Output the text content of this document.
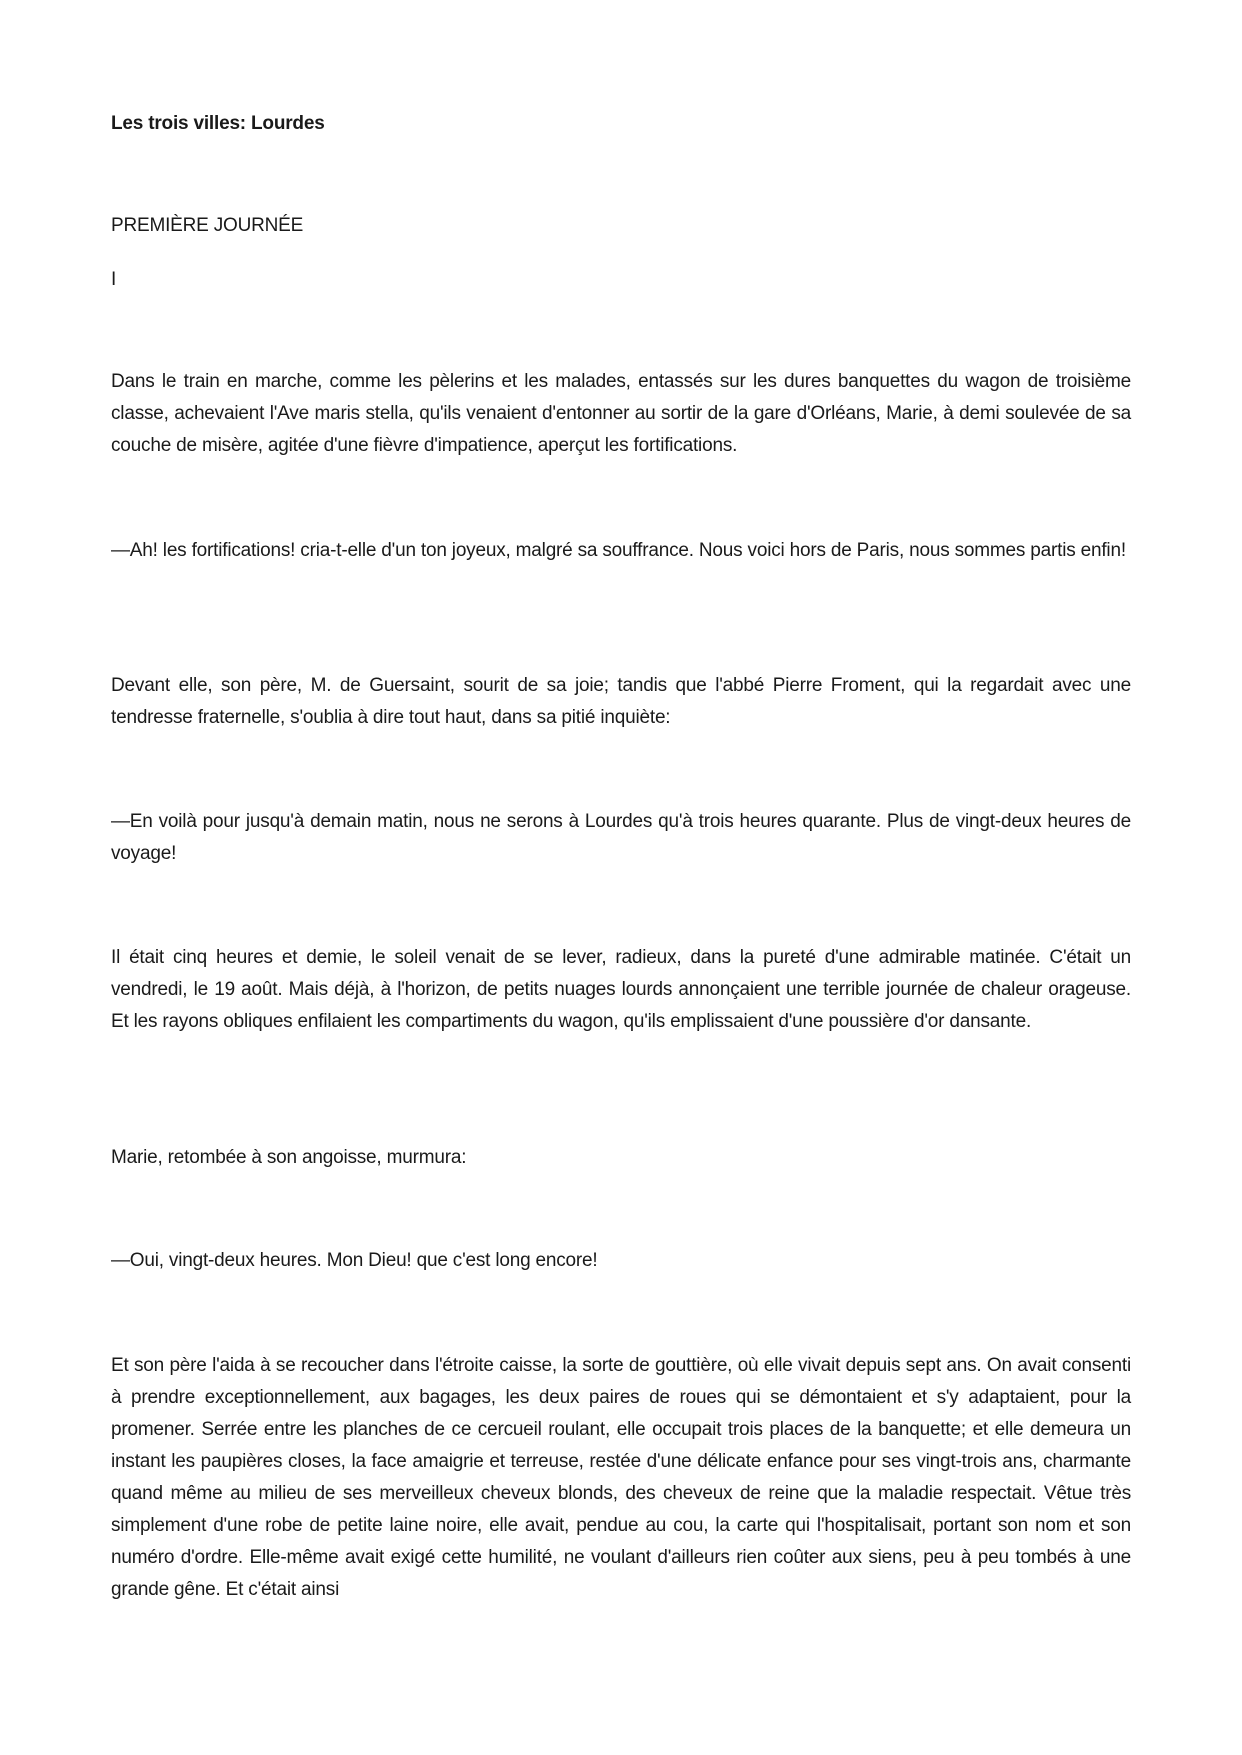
Les trois villes: Lourdes

PREMIÈRE JOURNÉE

I

Dans le train en marche, comme les pèlerins et les malades, entassés sur les dures banquettes du wagon de troisième classe, achevaient l'Ave maris stella, qu'ils venaient d'entonner au sortir de la gare d'Orléans, Marie, à demi soulevée de sa couche de misère, agitée d'une fièvre d'impatience, aperçut les fortifications.

—Ah! les fortifications! cria-t-elle d'un ton joyeux, malgré sa souffrance. Nous voici hors de Paris, nous sommes partis enfin!

Devant elle, son père, M. de Guersaint, sourit de sa joie; tandis que l'abbé Pierre Froment, qui la regardait avec une tendresse fraternelle, s'oublia à dire tout haut, dans sa pitié inquiète:

—En voilà pour jusqu'à demain matin, nous ne serons à Lourdes qu'à trois heures quarante. Plus de vingt-deux heures de voyage!

Il était cinq heures et demie, le soleil venait de se lever, radieux, dans la pureté d'une admirable matinée. C'était un vendredi, le 19 août. Mais déjà, à l'horizon, de petits nuages lourds annonçaient une terrible journée de chaleur orageuse. Et les rayons obliques enfilaient les compartiments du wagon, qu'ils emplissaient d'une poussière d'or dansante.

Marie, retombée à son angoisse, murmura:

—Oui, vingt-deux heures. Mon Dieu! que c'est long encore!

Et son père l'aida à se recoucher dans l'étroite caisse, la sorte de gouttière, où elle vivait depuis sept ans. On avait consenti à prendre exceptionnellement, aux bagages, les deux paires de roues qui se démontaient et s'y adaptaient, pour la promener. Serrée entre les planches de ce cercueil roulant, elle occupait trois places de la banquette; et elle demeura un instant les paupières closes, la face amaigrie et terreuse, restée d'une délicate enfance pour ses vingt-trois ans, charmante quand même au milieu de ses merveilleux cheveux blonds, des cheveux de reine que la maladie respectait. Vêtue très simplement d'une robe de petite laine noire, elle avait, pendue au cou, la carte qui l'hospitalisait, portant son nom et son numéro d'ordre. Elle-même avait exigé cette humilité, ne voulant d'ailleurs rien coûter aux siens, peu à peu tombés à une grande gêne. Et c'était ainsi
